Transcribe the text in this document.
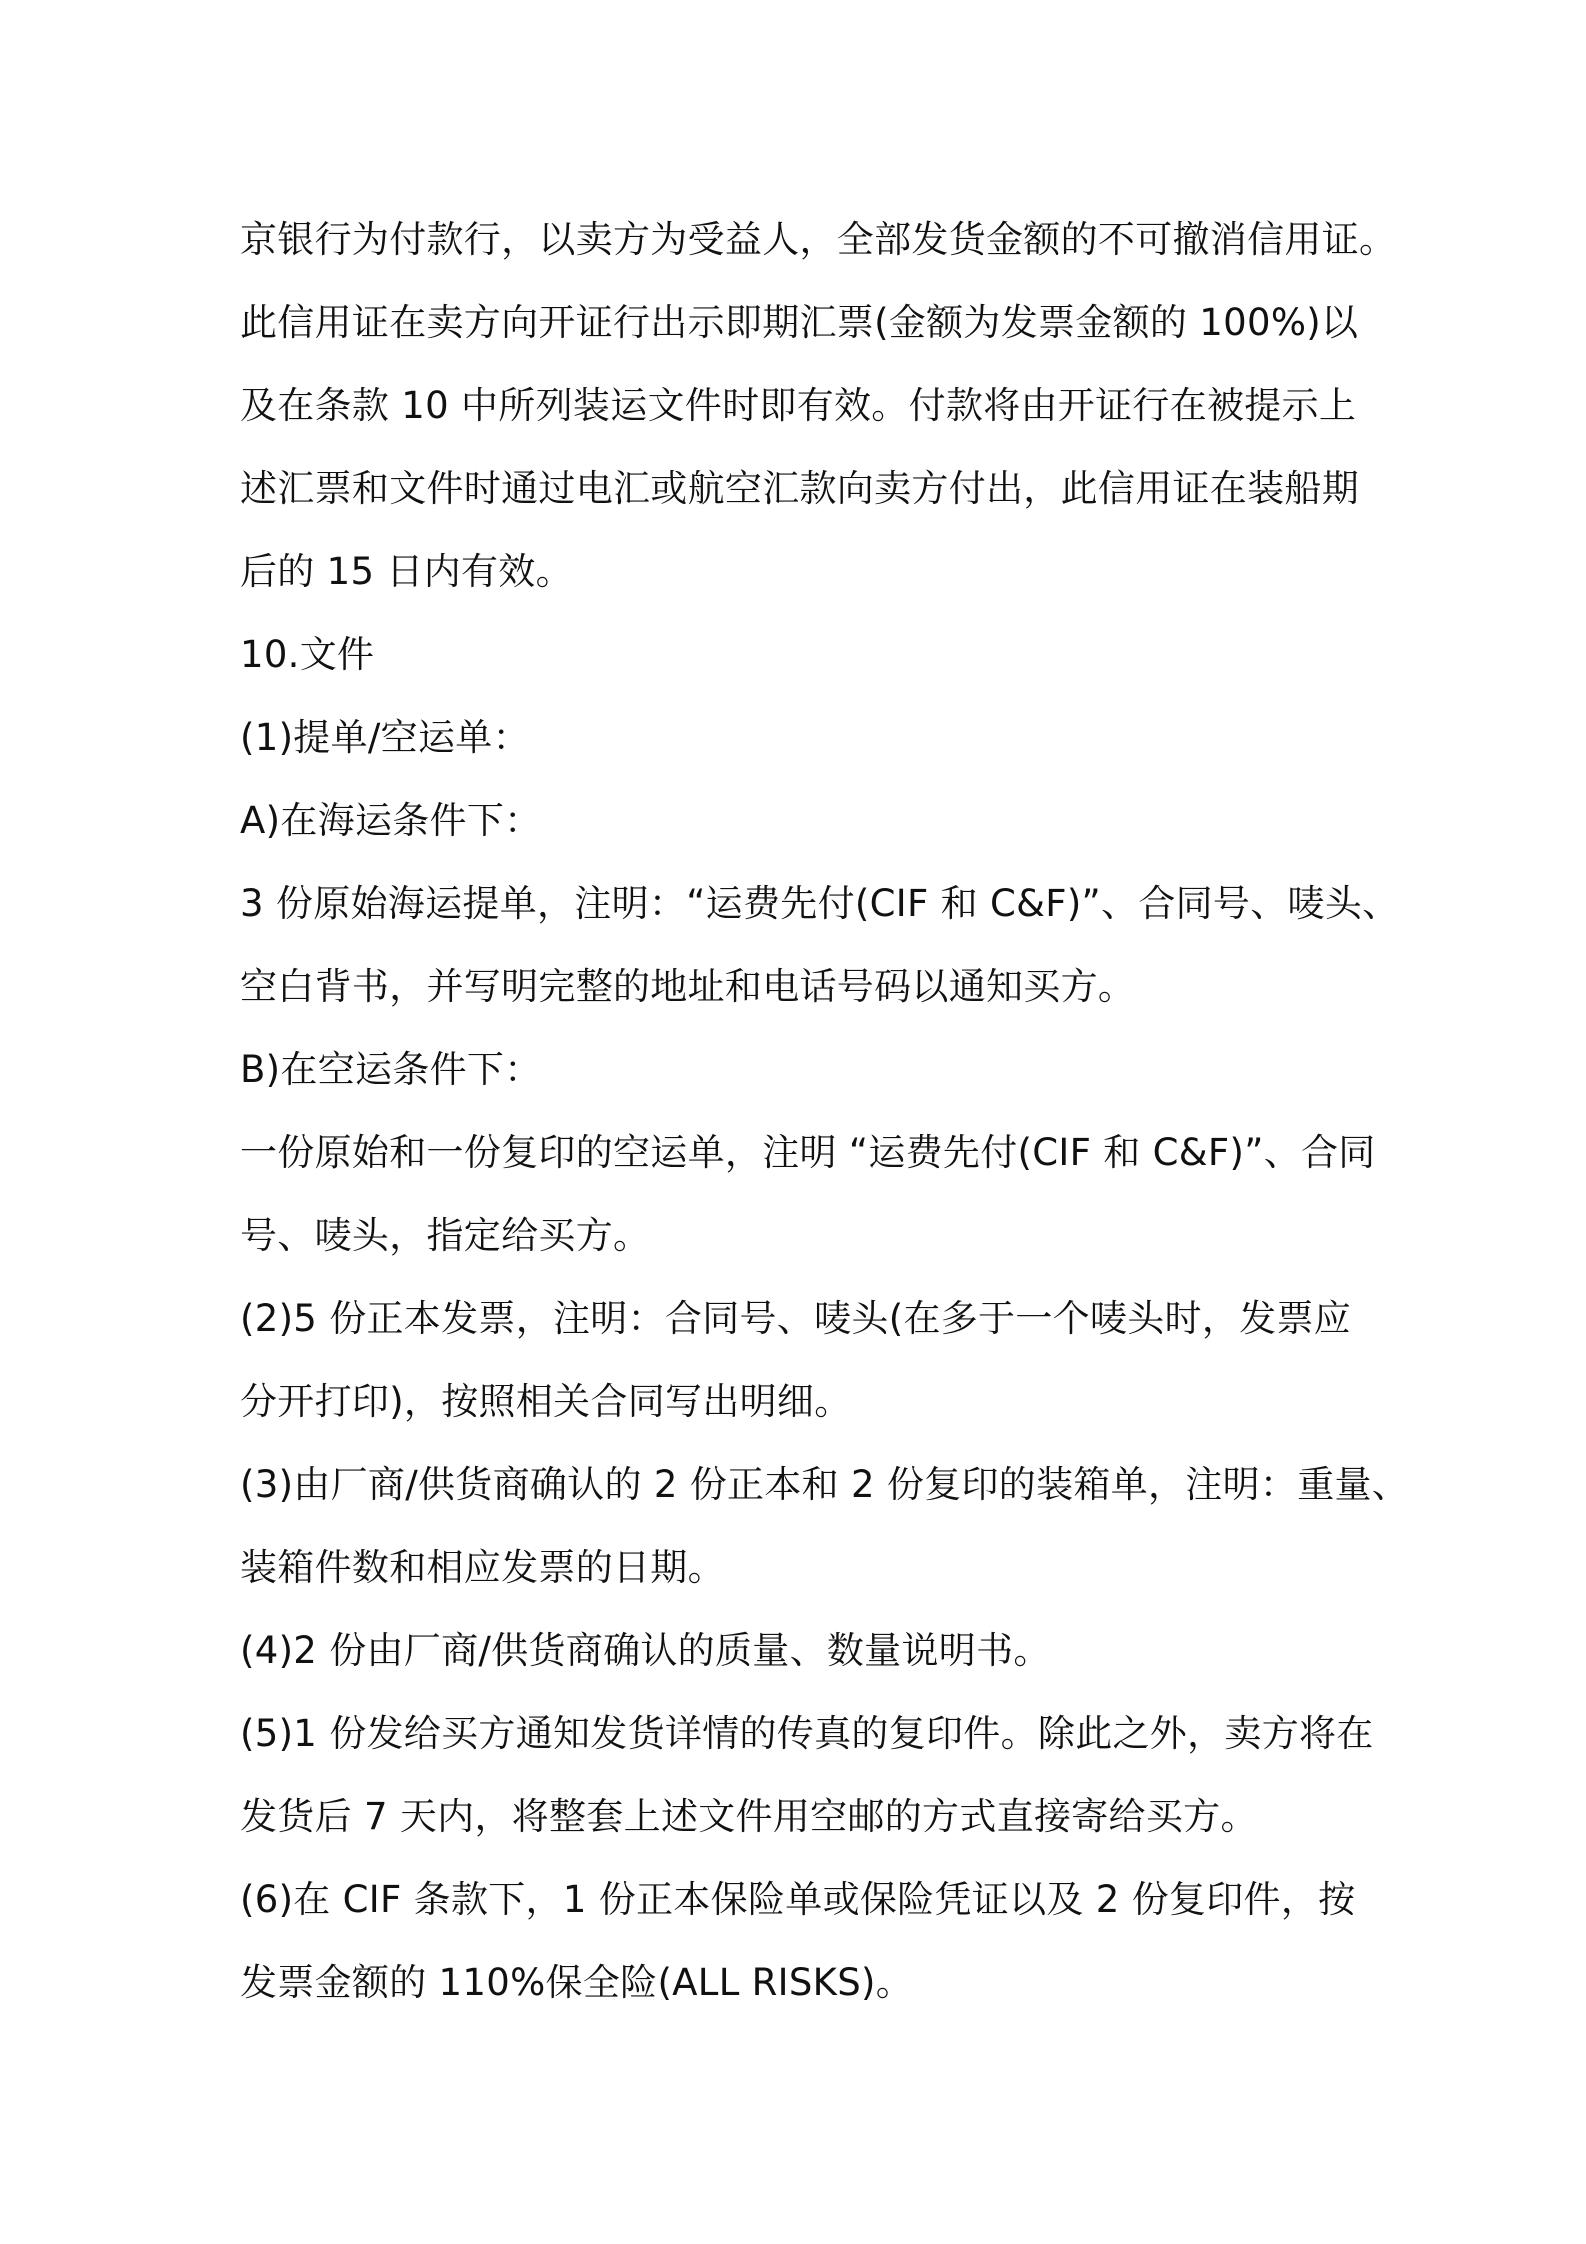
京银行为付款行，以卖方为受益人，全部发货金额的不可撤消信用证。
此信用证在卖方向开证行出示即期汇票(金额为发票金额的 100%)以
及在条款 10 中所列装运文件时即有效。付款将由开证行在被提示上
述汇票和文件时通过电汇或航空汇款向卖方付出，此信用证在装船期
后的 15 日内有效。
10.文件
(1)提单/空运单：
A)在海运条件下：
3 份原始海运提单，注明：“运费先付(CIF 和 C&F)”、合同号、唛头、
空白背书，并写明完整的地址和电话号码以通知买方。
B)在空运条件下：
一份原始和一份复印的空运单，注明 “运费先付(CIF 和 C&F)”、合同
号、唛头，指定给买方。
(2)5 份正本发票，注明：合同号、唛头(在多于一个唛头时，发票应
分开打印)，按照相关合同写出明细。
(3)由厂商/供货商确认的 2 份正本和 2 份复印的装箱单，注明：重量、
装箱件数和相应发票的日期。
(4)2 份由厂商/供货商确认的质量、数量说明书。
(5)1 份发给买方通知发货详情的传真的复印件。除此之外，卖方将在
发货后 7 天内，将整套上述文件用空邮的方式直接寄给买方。
(6)在 CIF 条款下，1 份正本保险单或保险凭证以及 2 份复印件，按
发票金额的 110%保全险(ALL RISKS)。
